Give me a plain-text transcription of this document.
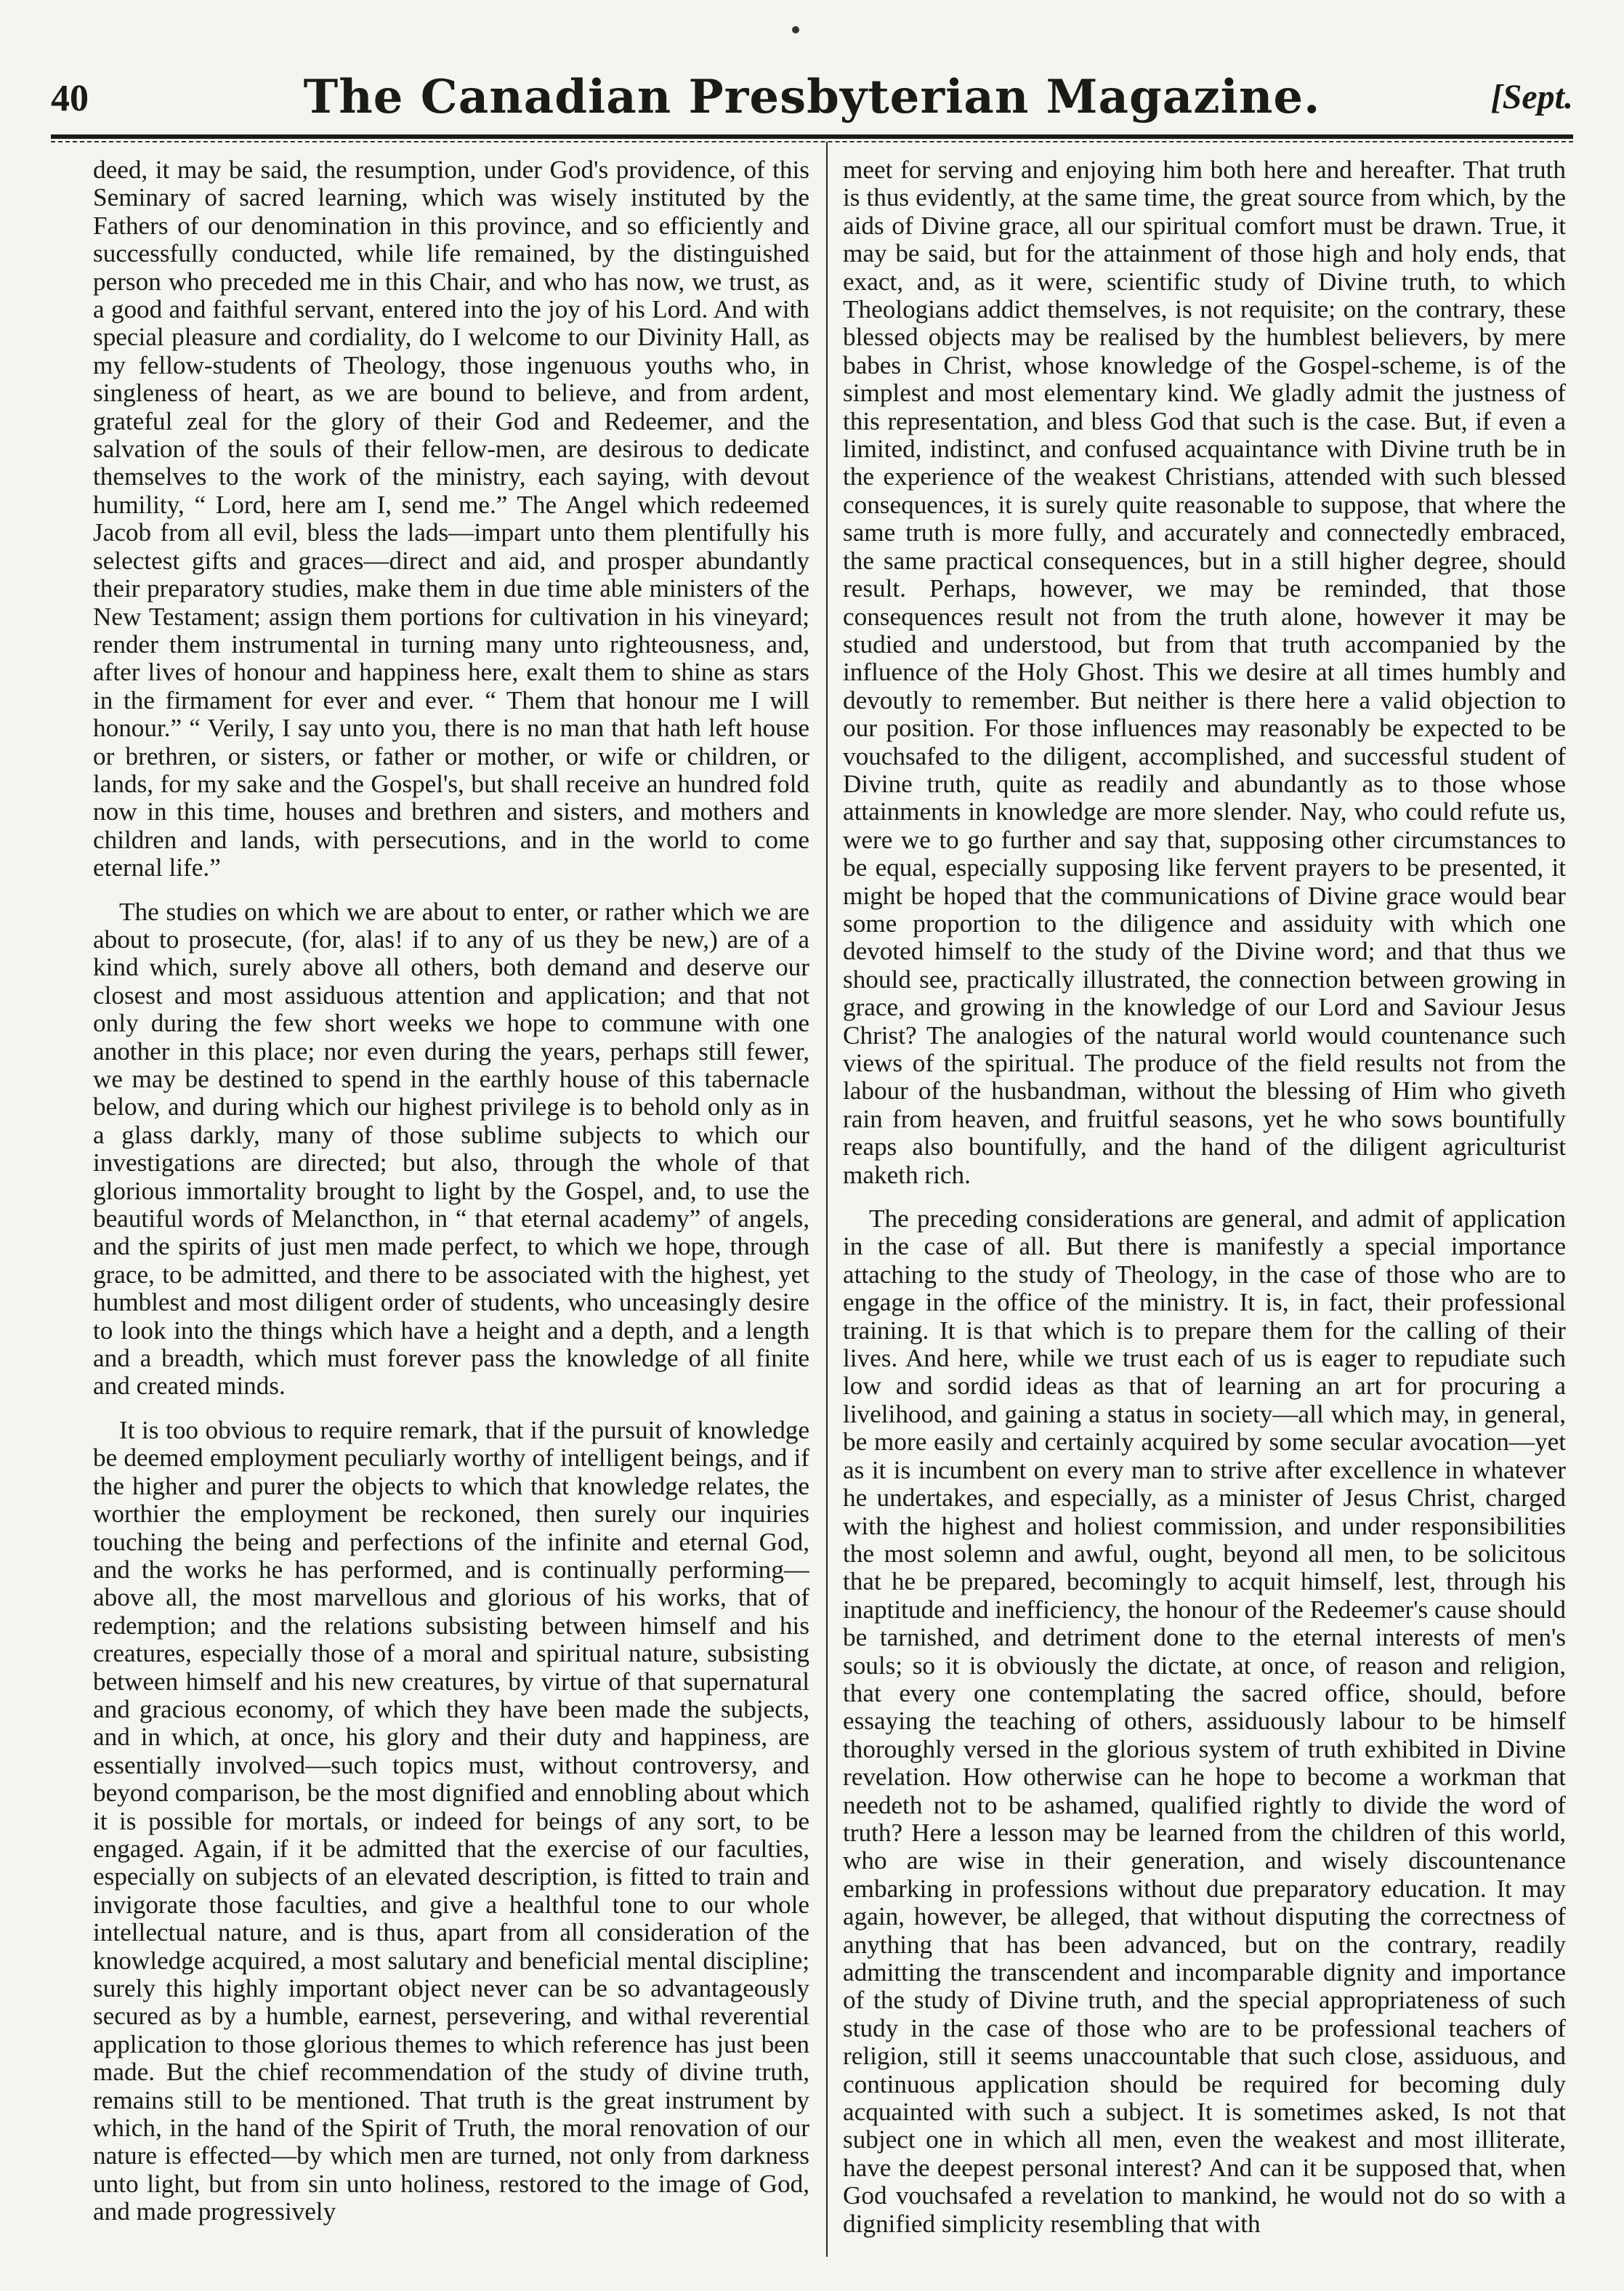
40	The Canadian Presbyterian Magazine.	[Sept.

deed, it may be said, the resumption, under God's providence, of this Seminary of sacred learning, which was wisely instituted by the Fathers of our denomination in this province, and so efficiently and successfully conducted, while life remained, by the distinguished person who preceded me in this Chair, and who has now, we trust, as a good and faithful servant, entered into the joy of his Lord. And with special pleasure and cordiality, do I welcome to our Divinity Hall, as my fellow-students of Theology, those ingenuous youths who, in singleness of heart, as we are bound to believe, and from ardent, grateful zeal for the glory of their God and Redeemer, and the salvation of the souls of their fellow-men, are desirous to dedicate themselves to the work of the ministry, each saying, with devout humility, “ Lord, here am I, send me.” The Angel which redeemed Jacob from all evil, bless the lads—impart unto them plentifully his selectest gifts and graces—direct and aid, and prosper abundantly their preparatory studies, make them in due time able ministers of the New Testament; assign them portions for cultivation in his vineyard; render them instrumental in turning many unto righteousness, and, after lives of honour and happiness here, exalt them to shine as stars in the firmament for ever and ever. “ Them that honour me I will honour.” “ Verily, I say unto you, there is no man that hath left house or brethren, or sisters, or father or mother, or wife or children, or lands, for my sake and the Gospel's, but shall receive an hundred fold now in this time, houses and brethren and sisters, and mothers and children and lands, with persecutions, and in the world to come eternal life.”

The studies on which we are about to enter, or rather which we are about to prosecute, (for, alas! if to any of us they be new,) are of a kind which, surely above all others, both demand and deserve our closest and most assiduous attention and application; and that not only during the few short weeks we hope to commune with one another in this place; nor even during the years, perhaps still fewer, we may be destined to spend in the earthly house of this tabernacle below, and during which our highest privilege is to behold only as in a glass darkly, many of those sublime subjects to which our investigations are directed; but also, through the whole of that glorious immortality brought to light by the Gospel, and, to use the beautiful words of Melancthon, in “ that eternal academy” of angels, and the spirits of just men made perfect, to which we hope, through grace, to be admitted, and there to be associated with the highest, yet humblest and most diligent order of students, who unceasingly desire to look into the things which have a height and a depth, and a length and a breadth, which must forever pass the knowledge of all finite and created minds.

It is too obvious to require remark, that if the pursuit of knowledge be deemed employment peculiarly worthy of intelligent beings, and if the higher and purer the objects to which that knowledge relates, the worthier the employment be reckoned, then surely our inquiries touching the being and perfections of the infinite and eternal God, and the works he has performed, and is continually performing—above all, the most marvellous and glorious of his works, that of redemption; and the relations subsisting between himself and his creatures, especially those of a moral and spiritual nature, subsisting between himself and his new creatures, by virtue of that supernatural and gracious economy, of which they have been made the subjects, and in which, at once, his glory and their duty and happiness, are essentially involved—such topics must, without controversy, and beyond comparison, be the most dignified and ennobling about which it is possible for mortals, or indeed for beings of any sort, to be engaged. Again, if it be admitted that the exercise of our faculties, especially on subjects of an elevated description, is fitted to train and invigorate those faculties, and give a healthful tone to our whole intellectual nature, and is thus, apart from all consideration of the knowledge acquired, a most salutary and beneficial mental discipline; surely this highly important object never can be so advantageously secured as by a humble, earnest, persevering, and withal reverential application to those glorious themes to which reference has just been made. But the chief recommendation of the study of divine truth, remains still to be mentioned. That truth is the great instrument by which, in the hand of the Spirit of Truth, the moral renovation of our nature is effected—by which men are turned, not only from darkness unto light, but from sin unto holiness, restored to the image of God, and made progressively

meet for serving and enjoying him both here and hereafter. That truth is thus evidently, at the same time, the great source from which, by the aids of Divine grace, all our spiritual comfort must be drawn. True, it may be said, but for the attainment of those high and holy ends, that exact, and, as it were, scientific study of Divine truth, to which Theologians addict themselves, is not requisite; on the contrary, these blessed objects may be realised by the humblest believers, by mere babes in Christ, whose knowledge of the Gospel-scheme, is of the simplest and most elementary kind. We gladly admit the justness of this representation, and bless God that such is the case. But, if even a limited, indistinct, and confused acquaintance with Divine truth be in the experience of the weakest Christians, attended with such blessed consequences, it is surely quite reasonable to suppose, that where the same truth is more fully, and accurately and connectedly embraced, the same practical consequences, but in a still higher degree, should result. Perhaps, however, we may be reminded, that those consequences result not from the truth alone, however it may be studied and understood, but from that truth accompanied by the influence of the Holy Ghost. This we desire at all times humbly and devoutly to remember. But neither is there here a valid objection to our position. For those influences may reasonably be expected to be vouchsafed to the diligent, accomplished, and successful student of Divine truth, quite as readily and abundantly as to those whose attainments in knowledge are more slender. Nay, who could refute us, were we to go further and say that, supposing other circumstances to be equal, especially supposing like fervent prayers to be presented, it might be hoped that the communications of Divine grace would bear some proportion to the diligence and assiduity with which one devoted himself to the study of the Divine word; and that thus we should see, practically illustrated, the connection between growing in grace, and growing in the knowledge of our Lord and Saviour Jesus Christ? The analogies of the natural world would countenance such views of the spiritual. The produce of the field results not from the labour of the husbandman, without the blessing of Him who giveth rain from heaven, and fruitful seasons, yet he who sows bountifully reaps also bountifully, and the hand of the diligent agriculturist maketh rich.

The preceding considerations are general, and admit of application in the case of all. But there is manifestly a special importance attaching to the study of Theology, in the case of those who are to engage in the office of the ministry. It is, in fact, their professional training. It is that which is to prepare them for the calling of their lives. And here, while we trust each of us is eager to repudiate such low and sordid ideas as that of learning an art for procuring a livelihood, and gaining a status in society—all which may, in general, be more easily and certainly acquired by some secular avocation—yet as it is incumbent on every man to strive after excellence in whatever he undertakes, and especially, as a minister of Jesus Christ, charged with the highest and holiest commission, and under responsibilities the most solemn and awful, ought, beyond all men, to be solicitous that he be prepared, becomingly to acquit himself, lest, through his inaptitude and inefficiency, the honour of the Redeemer's cause should be tarnished, and detriment done to the eternal interests of men's souls; so it is obviously the dictate, at once, of reason and religion, that every one contemplating the sacred office, should, before essaying the teaching of others, assiduously labour to be himself thoroughly versed in the glorious system of truth exhibited in Divine revelation. How otherwise can he hope to become a workman that needeth not to be ashamed, qualified rightly to divide the word of truth? Here a lesson may be learned from the children of this world, who are wise in their generation, and wisely discountenance embarking in professions without due preparatory education. It may again, however, be alleged, that without disputing the correctness of anything that has been advanced, but on the contrary, readily admitting the transcendent and incomparable dignity and importance of the study of Divine truth, and the special appropriateness of such study in the case of those who are to be professional teachers of religion, still it seems unaccountable that such close, assiduous, and continuous application should be required for becoming duly acquainted with such a subject. It is sometimes asked, Is not that subject one in which all men, even the weakest and most illiterate, have the deepest personal interest? And can it be supposed that, when God vouchsafed a revelation to mankind, he would not do so with a dignified simplicity resembling that with
